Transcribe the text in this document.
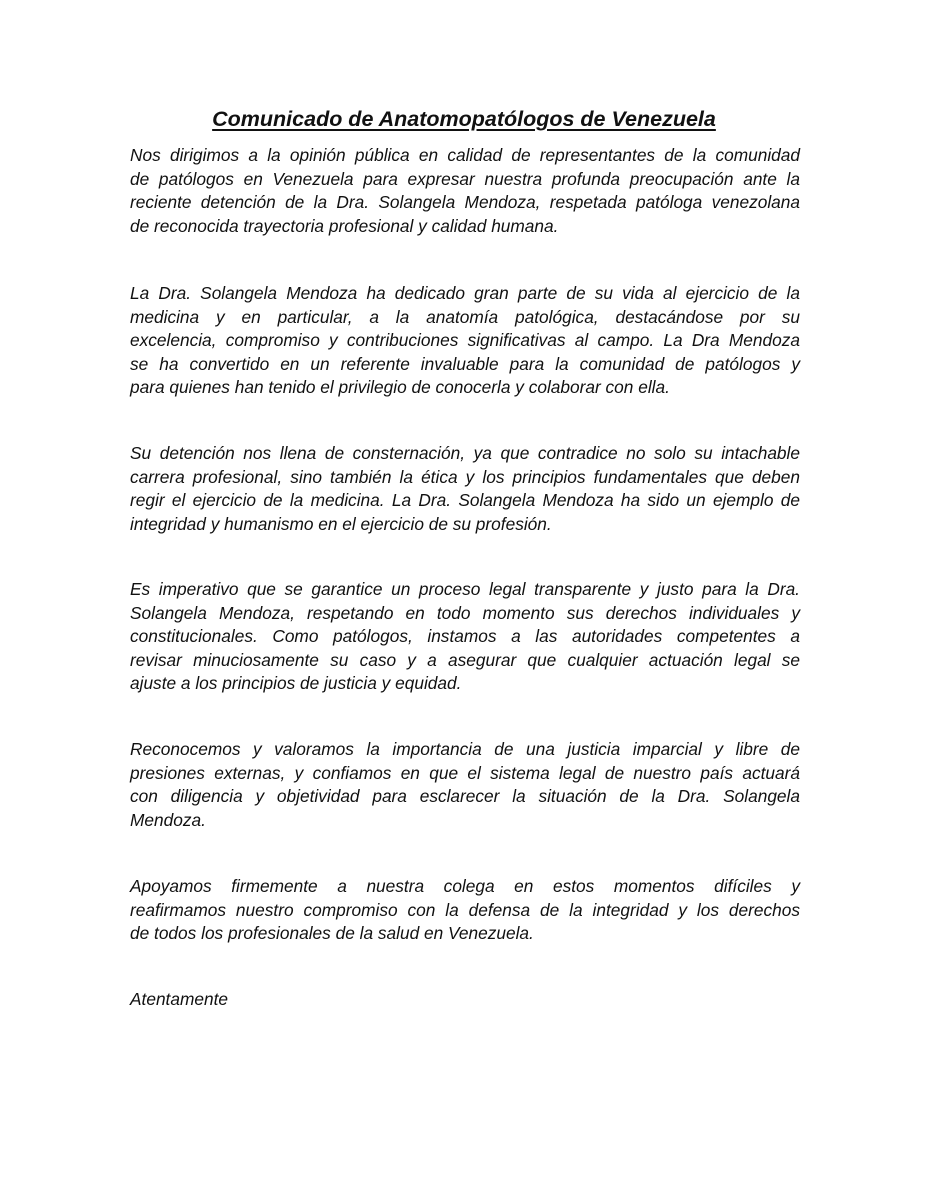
Comunicado de Anatomopatólogos de Venezuela
Nos dirigimos a la opinión pública en calidad de representantes de la comunidad
de patólogos en Venezuela para expresar nuestra profunda preocupación ante la
reciente detención de la Dra. Solangela Mendoza, respetada patóloga venezolana
de reconocida trayectoria profesional y calidad humana.
La Dra. Solangela Mendoza ha dedicado gran parte de su vida al ejercicio de la
medicina y en particular, a la anatomía patológica, destacándose por su
excelencia, compromiso y contribuciones significativas al campo. La Dra Mendoza
se ha convertido en un referente invaluable para la comunidad de patólogos y
para quienes han tenido el privilegio de conocerla y colaborar con ella.
Su detención nos llena de consternación, ya que contradice no solo su intachable
carrera profesional, sino también la ética y los principios fundamentales que deben
regir el ejercicio de la medicina. La Dra. Solangela Mendoza ha sido un ejemplo de
integridad y humanismo en el ejercicio de su profesión.
Es imperativo que se garantice un proceso legal transparente y justo para la Dra.
Solangela Mendoza, respetando en todo momento sus derechos individuales y
constitucionales. Como patólogos, instamos a las autoridades competentes a
revisar minuciosamente su caso y a asegurar que cualquier actuación legal se
ajuste a los principios de justicia y equidad.
Reconocemos y valoramos la importancia de una justicia imparcial y libre de
presiones externas, y confiamos en que el sistema legal de nuestro país actuará
con diligencia y objetividad para esclarecer la situación de la Dra. Solangela
Mendoza.
Apoyamos firmemente a nuestra colega en estos momentos difíciles y
reafirmamos nuestro compromiso con la defensa de la integridad y los derechos
de todos los profesionales de la salud en Venezuela.
Atentamente
